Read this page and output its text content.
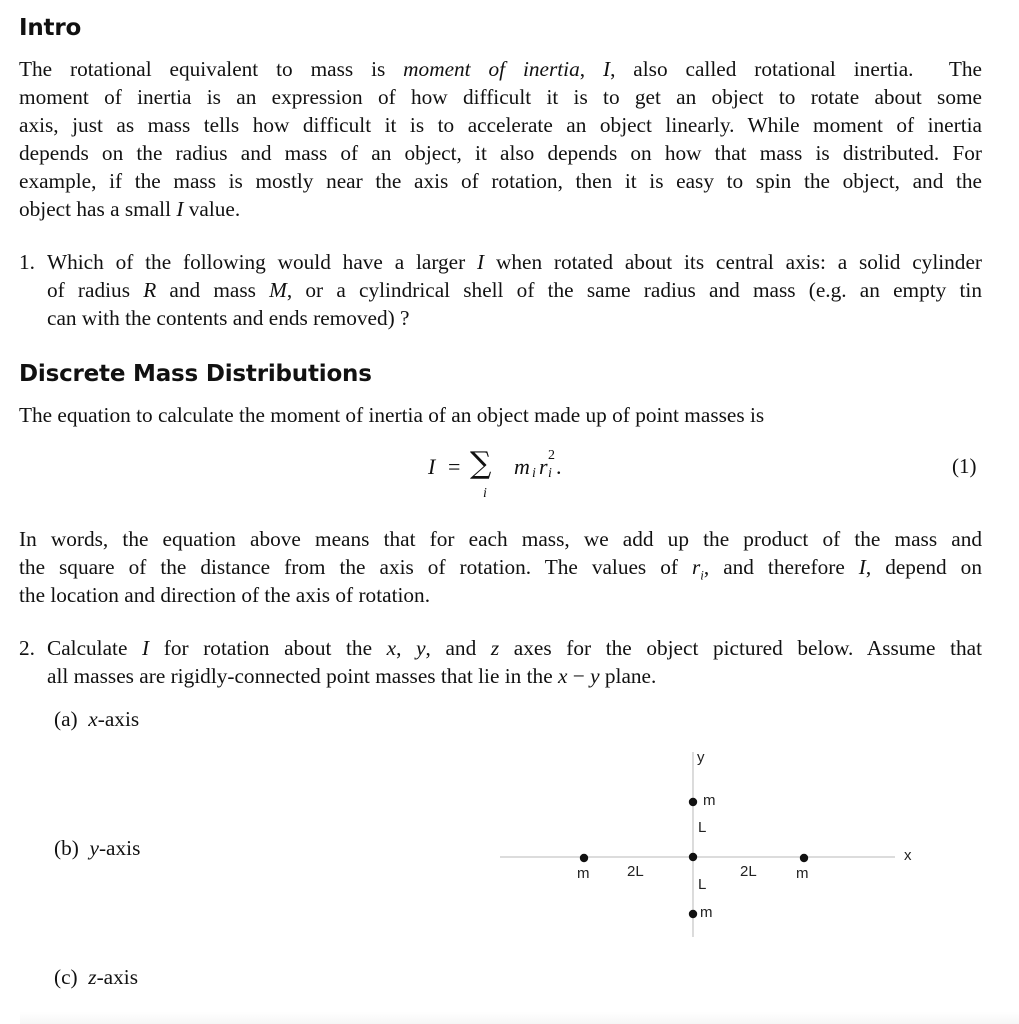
Intro
The rotational equivalent to mass is moment of inertia, I, also called rotational inertia.  The
moment of inertia is an expression of how difficult it is to get an object to rotate about some
axis, just as mass tells how difficult it is to accelerate an object linearly. While moment of inertia
depends on the radius and mass of an object, it also depends on how that mass is distributed. For
example, if the mass is mostly near the axis of rotation, then it is easy to spin the object, and the
object has a small I value.
1. Which of the following would have a larger I when rotated about its central axis: a solid cylinder
of radius R and mass M, or a cylindrical shell of the same radius and mass (e.g. an empty tin
can with the contents and ends removed) ?
Discrete Mass Distributions
The equation to calculate the moment of inertia of an object made up of point masses is
I = ∑
i
m i r 2
i .	(1)
In words, the equation above means that for each mass, we add up the product of the mass and
the square of the distance from the axis of rotation. The values of $r_i$, and therefore I, depend on
the location and direction of the axis of rotation.
2. Calculate I for rotation about the x, y, and z axes for the object pictured below. Assume that
all masses are rigidly-connected point masses that lie in the x − y plane.
(a) x-axis
(b) y-axis
(c) z-axis
y
x
m
L
m	2L
L
2L	m
m
